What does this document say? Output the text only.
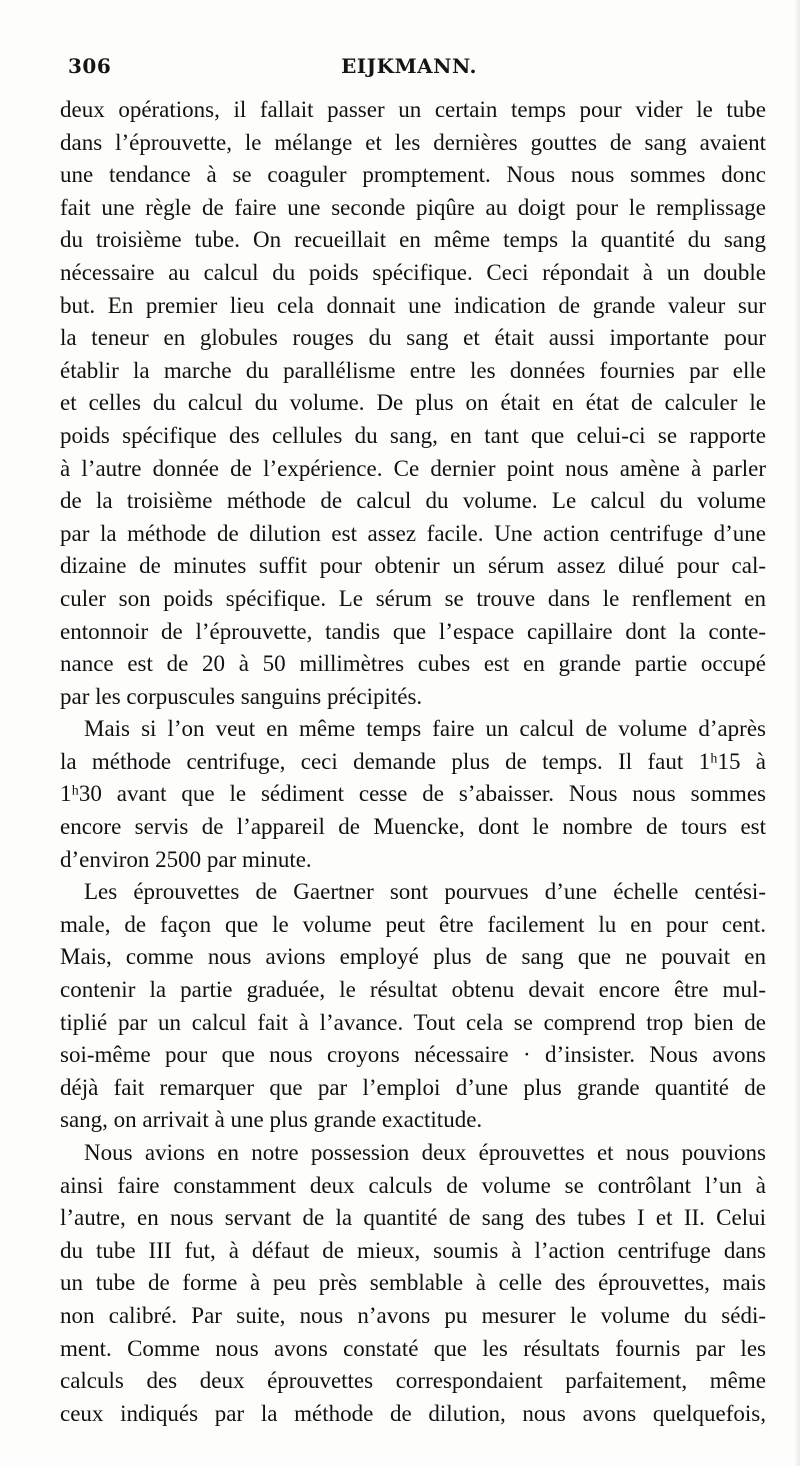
306	EIJKMANN.
deux opérations, il fallait passer un certain temps pour vider le tube
dans l’éprouvette, le mélange et les dernières gouttes de sang avaient
une tendance à se coaguler promptement. Nous nous sommes donc
fait une règle de faire une seconde piqûre au doigt pour le remplissage
du troisième tube. On recueillait en même temps la quantité du sang
nécessaire au calcul du poids spécifique. Ceci répondait à un double
but. En premier lieu cela donnait une indication de grande valeur sur
la teneur en globules rouges du sang et était aussi importante pour
établir la marche du parallélisme entre les données fournies par elle
et celles du calcul du volume. De plus on était en état de calculer le
poids spécifique des cellules du sang, en tant que celui-ci se rapporte
à l’autre donnée de l’expérience. Ce dernier point nous amène à parler
de la troisième méthode de calcul du volume. Le calcul du volume
par la méthode de dilution est assez facile. Une action centrifuge d’une
dizaine de minutes suffit pour obtenir un sérum assez dilué pour cal-
culer son poids spécifique. Le sérum se trouve dans le renflement en
entonnoir de l’éprouvette, tandis que l’espace capillaire dont la conte-
nance est de 20 à 50 millimètres cubes est en grande partie occupé
par les corpuscules sanguins précipités.
Mais si l’on veut en même temps faire un calcul de volume d’après
la méthode centrifuge, ceci demande plus de temps. Il faut 1ʰ15 à
1ʰ30 avant que le sédiment cesse de s’abaisser. Nous nous sommes
encore servis de l’appareil de Muencke, dont le nombre de tours est
d’environ 2500 par minute.
Les éprouvettes de Gaertner sont pourvues d’une échelle centési-
male, de façon que le volume peut être facilement lu en pour cent.
Mais, comme nous avions employé plus de sang que ne pouvait en
contenir la partie graduée, le résultat obtenu devait encore être mul-
tiplié par un calcul fait à l’avance. Tout cela se comprend trop bien de
soi-même pour que nous croyons nécessaire · d’insister. Nous avons
déjà fait remarquer que par l’emploi d’une plus grande quantité de
sang, on arrivait à une plus grande exactitude.
Nous avions en notre possession deux éprouvettes et nous pouvions
ainsi faire constamment deux calculs de volume se contrôlant l’un à
l’autre, en nous servant de la quantité de sang des tubes I et II. Celui
du tube III fut, à défaut de mieux, soumis à l’action centrifuge dans
un tube de forme à peu près semblable à celle des éprouvettes, mais
non calibré. Par suite, nous n’avons pu mesurer le volume du sédi-
ment. Comme nous avons constaté que les résultats fournis par les
calculs des deux éprouvettes correspondaient parfaitement, même
ceux indiqués par la méthode de dilution, nous avons quelquefois,
